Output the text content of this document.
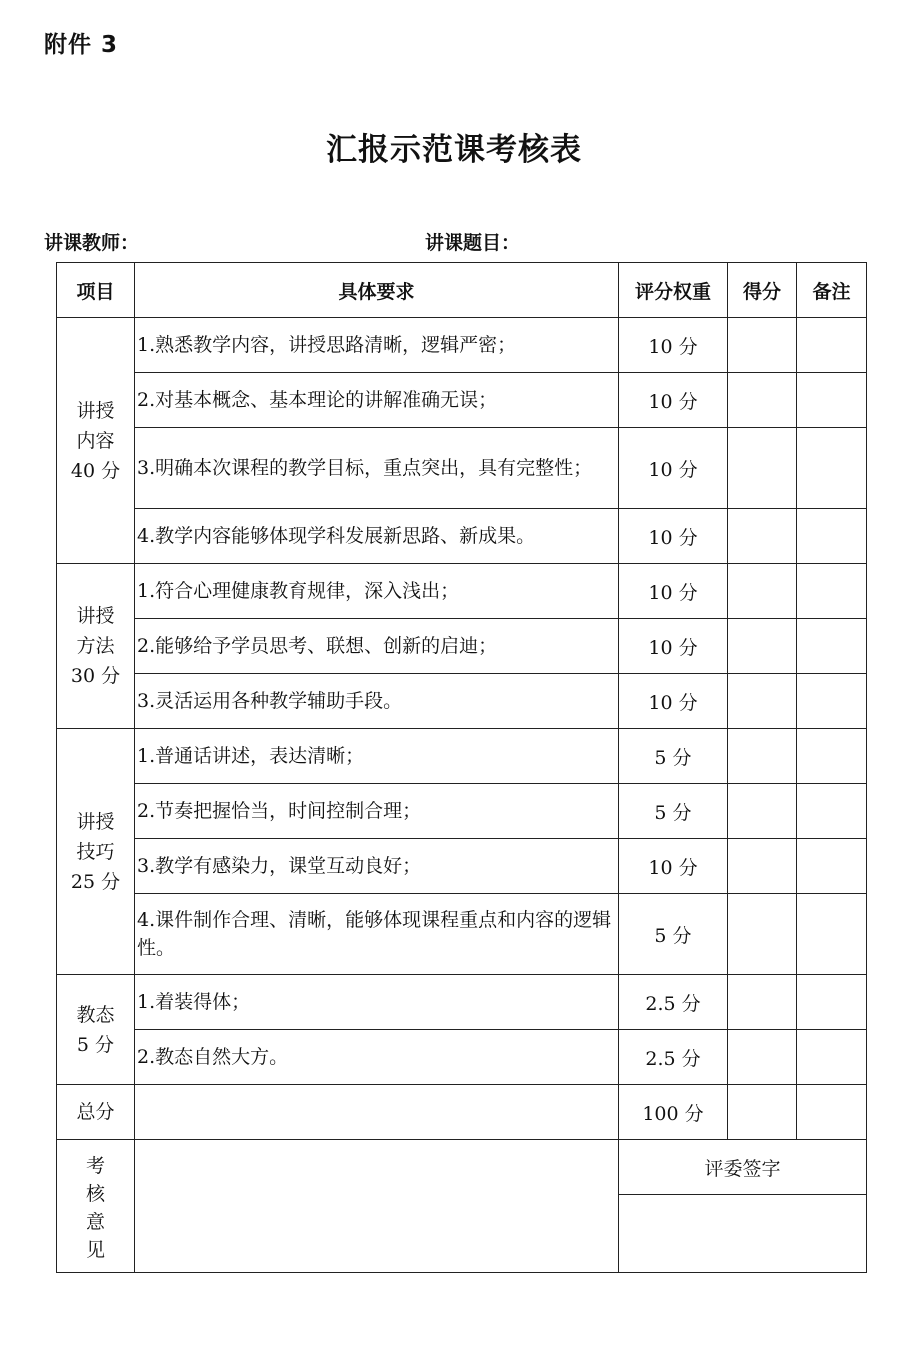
附件 3
汇报示范课考核表
讲课教师：	讲课题目：
项目	具体要求	评分权重	得分	备注

讲授
内容
40 分	1.熟悉教学内容，讲授思路清晰，逻辑严密；	10 分		
	2.对基本概念、基本理论的讲解准确无误；	10 分		
	3.明确本次课程的教学目标，重点突出，具有完整性；	10 分		
	4.教学内容能够体现学科发展新思路、新成果。	10 分		

讲授
方法
30 分	1.符合心理健康教育规律，深入浅出；	10 分		
	2.能够给予学员思考、联想、创新的启迪；	10 分		
	3.灵活运用各种教学辅助手段。	10 分		

讲授
技巧
25 分	1.普通话讲述，表达清晰；	5 分		
	2.节奏把握恰当，时间控制合理；	5 分		
	3.教学有感染力，课堂互动良好；	10 分		
	4.课件制作合理、清晰，能够体现课程重点和内容的逻辑性。	5 分		

教态
5 分	1.着装得体；	2.5 分		
	2.教态自然大方。	2.5 分		
总分		100 分		

考
核
意
见		评委签字		
